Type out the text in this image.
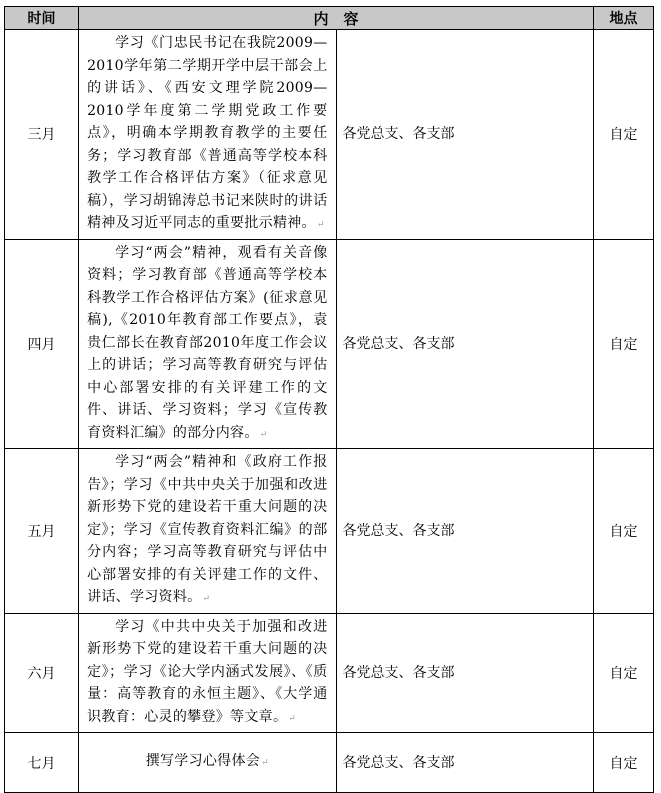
时间	内　容		地点
三月	学习《门忠民书记在我院2009—2010学年第二学期开学中层干部会上的讲话》、《西安文理学院2009—2010学年度第二学期党政工作要点》，明确本学期教育教学的主要任务；学习教育部《普通高等学校本科教学工作合格评估方案》（征求意见稿），学习胡锦涛总书记来陕时的讲话精神及习近平同志的重要批示精神。↵	各党总支、各支部	自定
四月	学习“两会”精神，观看有关音像资料；学习教育部《普通高等学校本科教学工作合格评估方案》(征求意见稿),《2010年教育部工作要点》，袁贵仁部长在教育部2010年度工作会议上的讲话；学习高等教育研究与评估中心部署安排的有关评建工作的文件、讲话、学习资料；学习《宣传教育资料汇编》的部分内容。↵	各党总支、各支部	自定
五月	学习“两会”精神和《政府工作报告》；学习《中共中央关于加强和改进新形势下党的建设若干重大问题的决定》；学习《宣传教育资料汇编》的部分内容；学习高等教育研究与评估中心部署安排的有关评建工作的文件、讲话、学习资料。↵	各党总支、各支部	自定
六月	学习《中共中央关于加强和改进新形势下党的建设若干重大问题的决定》；学习《论大学内涵式发展》、《质量：高等教育的永恒主题》、《大学通识教育：心灵的攀登》等文章。↵	各党总支、各支部	自定
七月	撰写学习心得体会↵	各党总支、各支部	自定
